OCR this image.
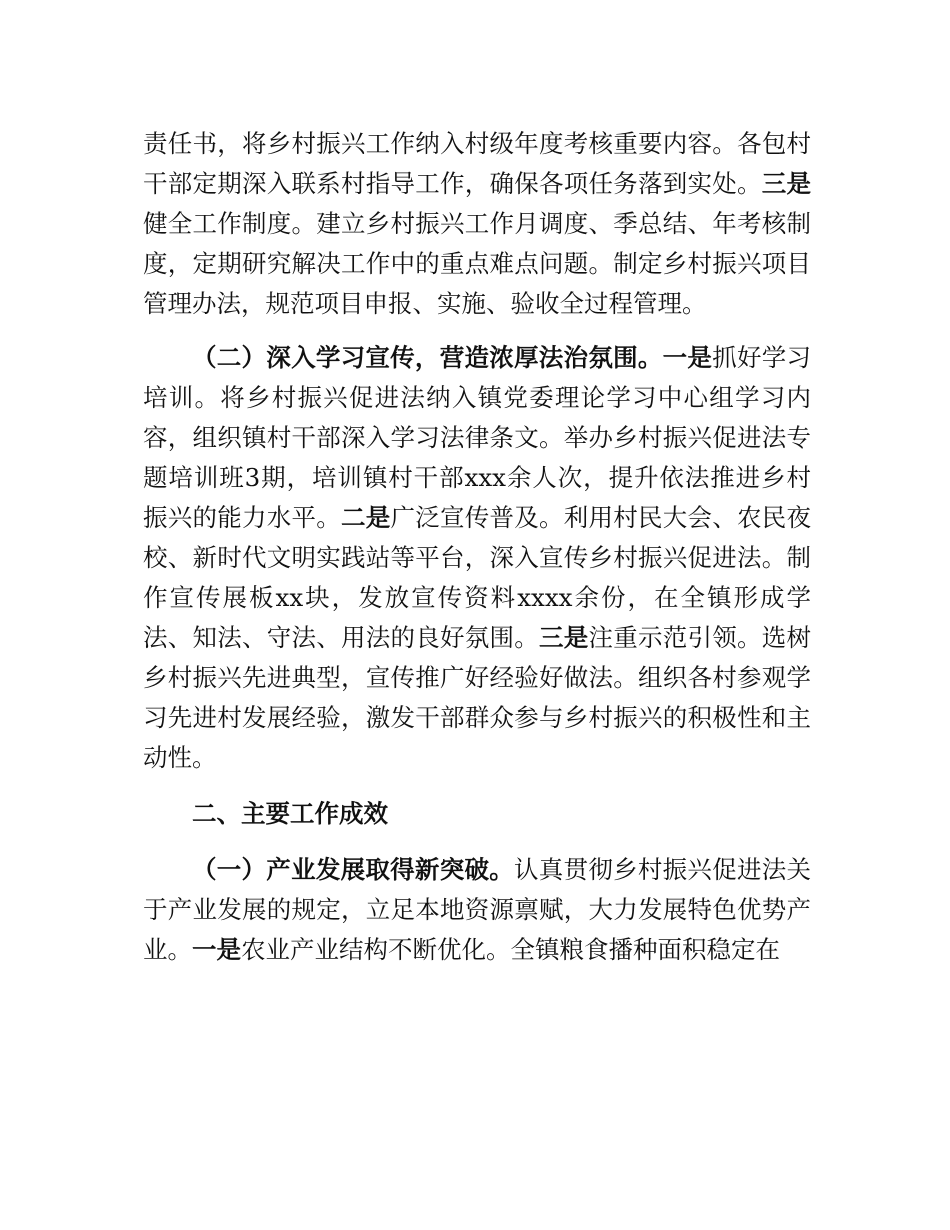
责任书，将乡村振兴工作纳入村级年度考核重要内容。各包村干部定期深入联系村指导工作，确保各项任务落到实处。三是健全工作制度。建立乡村振兴工作月调度、季总结、年考核制度，定期研究解决工作中的重点难点问题。制定乡村振兴项目管理办法，规范项目申报、实施、验收全过程管理。

（二）深入学习宣传，营造浓厚法治氛围。一是抓好学习培训。将乡村振兴促进法纳入镇党委理论学习中心组学习内容，组织镇村干部深入学习法律条文。举办乡村振兴促进法专题培训班3期，培训镇村干部xxx余人次，提升依法推进乡村振兴的能力水平。二是广泛宣传普及。利用村民大会、农民夜校、新时代文明实践站等平台，深入宣传乡村振兴促进法。制作宣传展板xx块，发放宣传资料xxxx余份，在全镇形成学法、知法、守法、用法的良好氛围。三是注重示范引领。选树乡村振兴先进典型，宣传推广好经验好做法。组织各村参观学习先进村发展经验，激发干部群众参与乡村振兴的积极性和主动性。

二、主要工作成效

（一）产业发展取得新突破。认真贯彻乡村振兴促进法关于产业发展的规定，立足本地资源禀赋，大力发展特色优势产业。一是农业产业结构不断优化。全镇粮食播种面积稳定在
